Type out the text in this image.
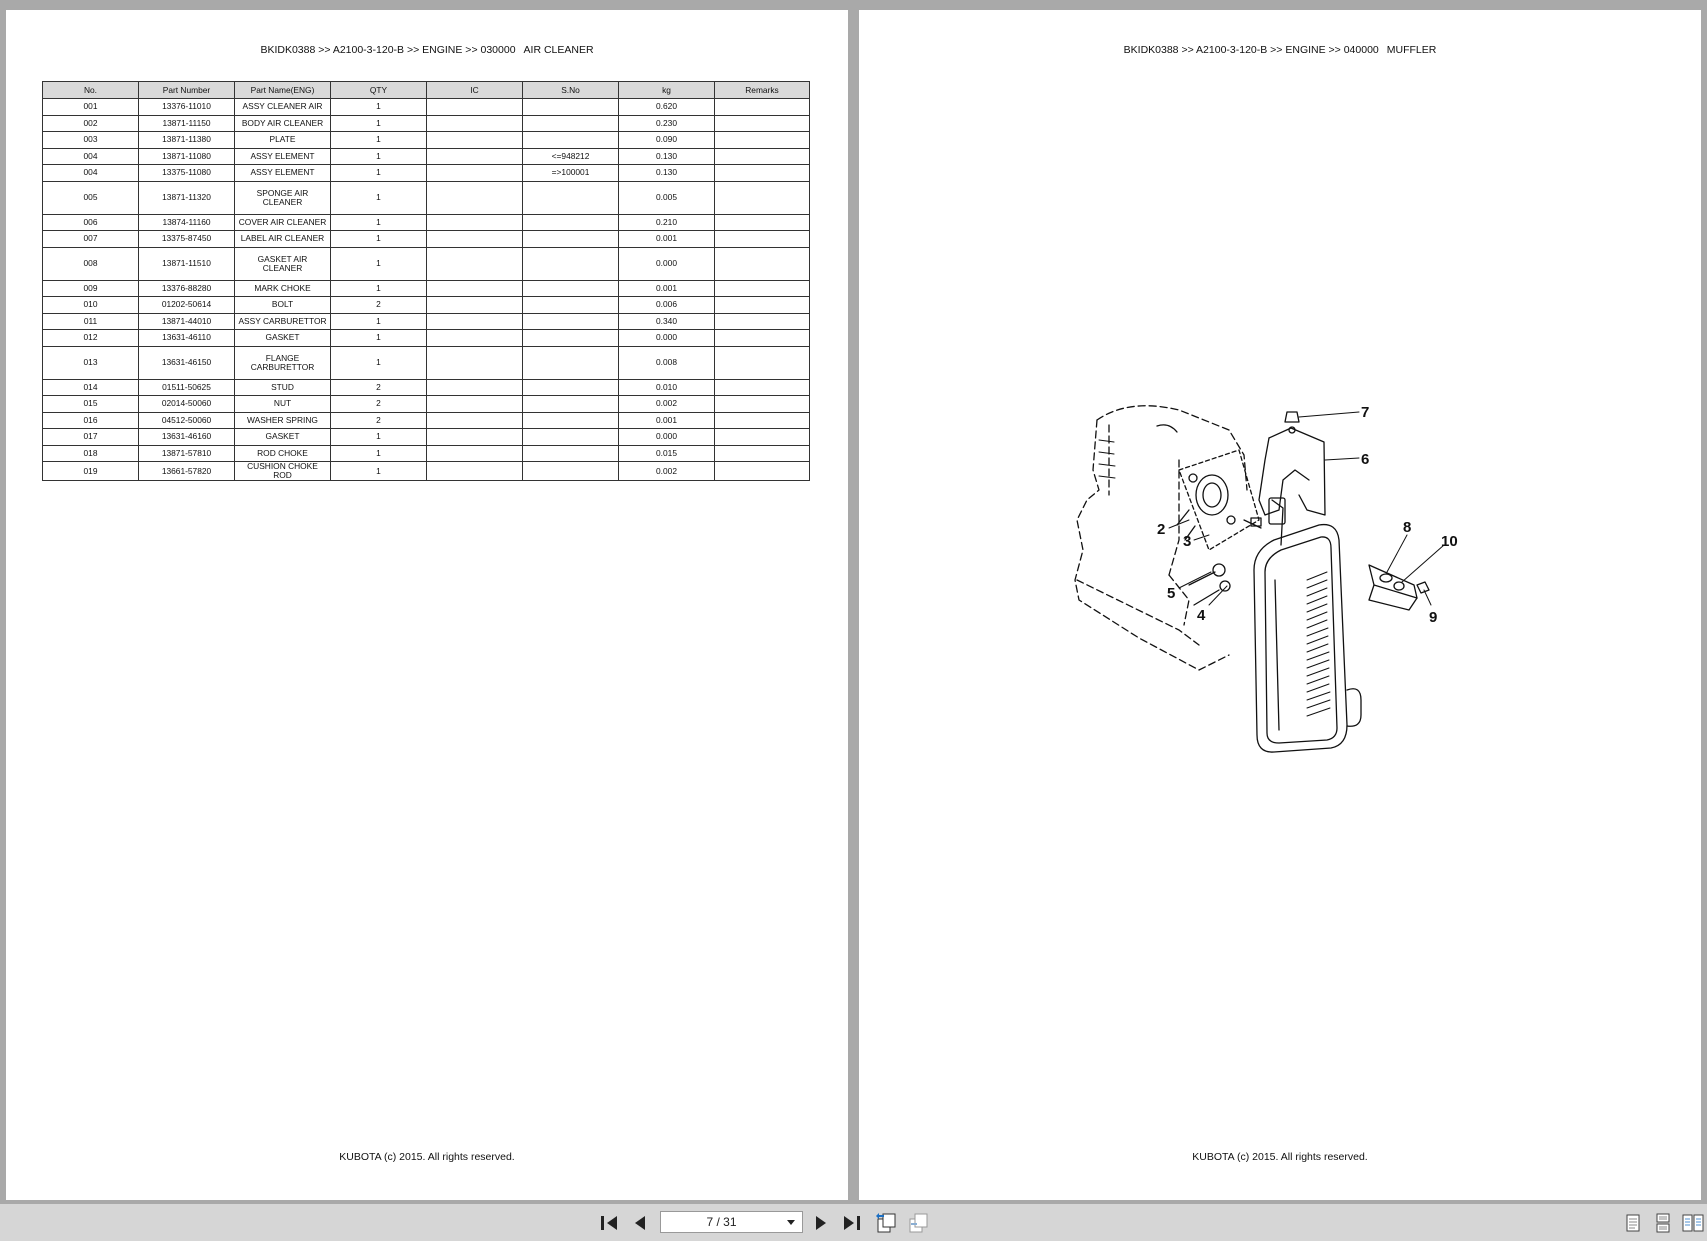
BKIDK0388 >> A2100-3-120-B >> ENGINE >> 030000 AIR CLEANER
No.	Part Number	Part Name(ENG)	QTY	IC	S.No	kg	Remarks
001	13376-11010	ASSY CLEANER AIR	1			0.620	
002	13871-11150	BODY AIR CLEANER	1			0.230	
003	13871-11380	PLATE	1			0.090	
004	13871-11080	ASSY ELEMENT	1		<=948212	0.130	
004	13375-11080	ASSY ELEMENT	1		=>100001	0.130	
005	13871-11320	SPONGE AIR CLEANER	1			0.005	
006	13874-11160	COVER AIR CLEANER	1			0.210	
007	13375-87450	LABEL AIR CLEANER	1			0.001	
008	13871-11510	GASKET AIR CLEANER	1			0.000	
009	13376-88280	MARK CHOKE	1			0.001	
010	01202-50614	BOLT	2			0.006	
011	13871-44010	ASSY CARBURETTOR	1			0.340	
012	13631-46110	GASKET	1			0.000	
013	13631-46150	FLANGE CARBURETTOR	1			0.008	
014	01511-50625	STUD	2			0.010	
015	02014-50060	NUT	2			0.002	
016	04512-50060	WASHER SPRING	2			0.001	
017	13631-46160	GASKET	1			0.000	
018	13871-57810	ROD CHOKE	1			0.015	
019	13661-57820	CUSHION CHOKE ROD	1			0.002	
KUBOTA (c) 2015. All rights reserved.
BKIDK0388 >> A2100-3-120-B >> ENGINE >> 040000 MUFFLER
7
6
2
3
5
4
8
10
9
KUBOTA (c) 2015. All rights reserved.
7 / 31
